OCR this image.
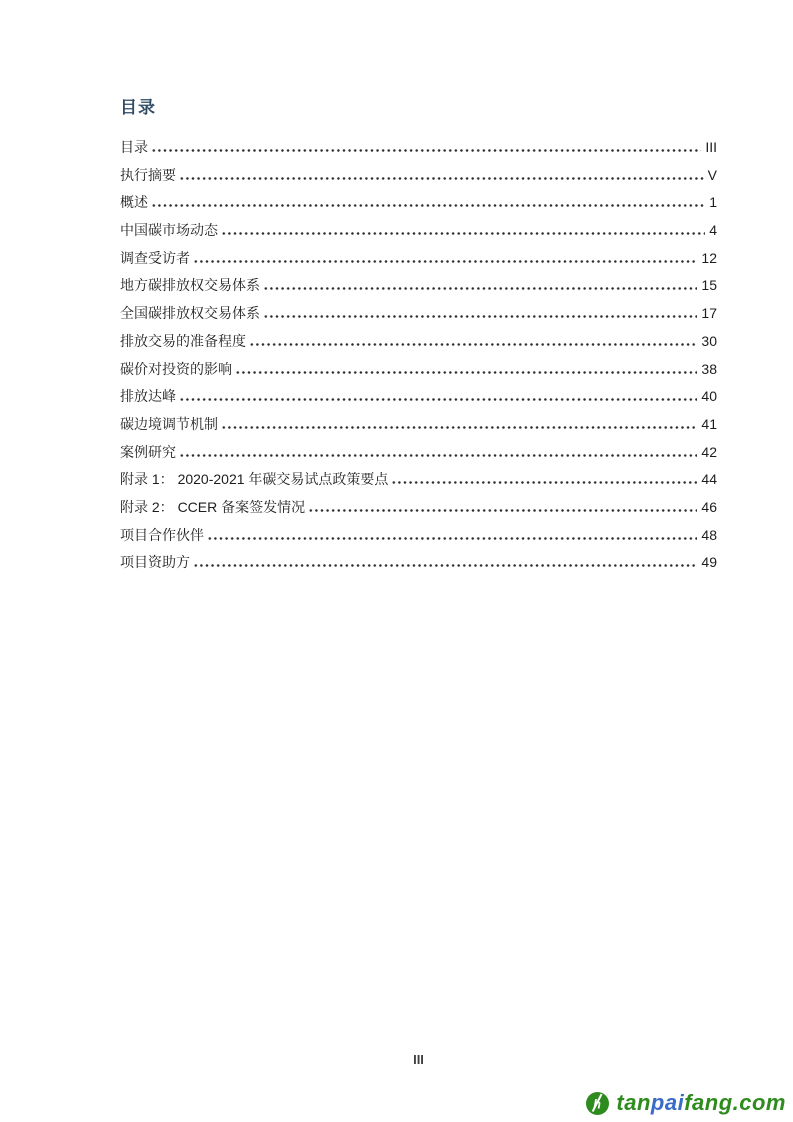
目录
目录	III
执行摘要	V
概述	1
中国碳市场动态	4
调查受访者	12
地方碳排放权交易体系	15
全国碳排放权交易体系	17
排放交易的准备程度	30
碳价对投资的影响	38
排放达峰	40
碳边境调节机制	41
案例研究	42
附录 1： 2020-2021 年碳交易试点政策要点	44
附录 2： CCER 备案签发情况	46
项目合作伙伴	48
项目资助方	49
III
h tanpaifang.com
